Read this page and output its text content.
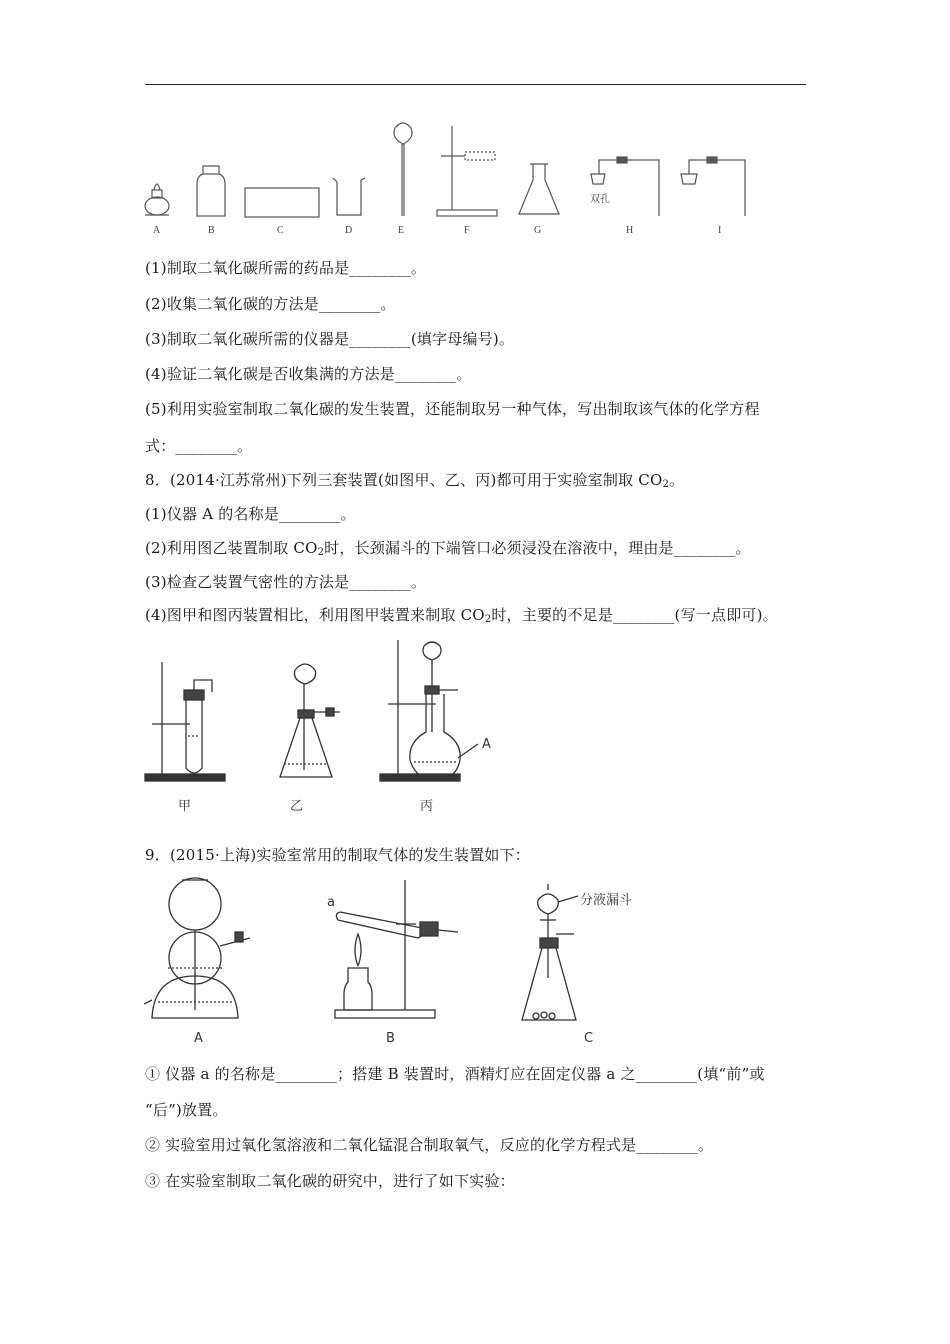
双孔
A	B	C	D	E	F	G	H	I
(1)制取二氧化碳所需的药品是________。
(2)收集二氧化碳的方法是________。
(3)制取二氧化碳所需的仪器是________(填字母编号)。
(4)验证二氧化碳是否收集满的方法是________。
(5)利用实验室制取二氧化碳的发生装置，还能制取另一种气体，写出制取该气体的化学方程
式：________。
8．(2014·江苏常州)下列三套装置(如图甲、乙、丙)都可用于实验室制取 $CO_2$。
(1)仪器 A 的名称是________。
(2)利用图乙装置制取 $CO_2$时，长颈漏斗的下端管口必须浸没在溶液中，理由是________。
(3)检查乙装置气密性的方法是________。
(4)图甲和图丙装置相比，利用图甲装置来制取 $CO_2$时，主要的不足是________(写一点即可)。
A
甲	乙	丙
9．(2015·上海)实验室常用的制取气体的发生装置如下：
a	分液漏斗
A	B	C
① 仪器 a 的名称是________；搭建 B 装置时，酒精灯应在固定仪器 a 之________(填“前”或
“后”)放置。
② 实验室用过氧化氢溶液和二氧化锰混合制取氧气，反应的化学方程式是________。
③ 在实验室制取二氧化碳的研究中，进行了如下实验：
